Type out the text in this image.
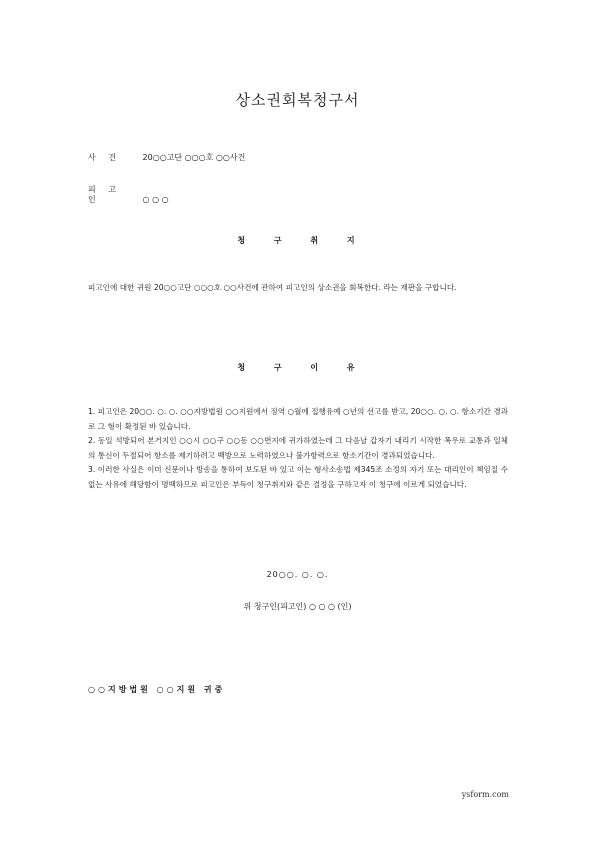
상소권회복청구서
사 건	20○○고단 ○○○호 ○○사건
피 고 인	○ ○ ○
청 구 취 지
피고인에 대한 귀원 20○○고단 ○○○호 ○○사건에 관하여 피고인의 상소권을 회복한다. 라는 재판을 구합니다.
청 구 이 유

1. 피고인은 20○○. ○. ○. ○○지방법원 ○○지원에서 징역 ○월에 집행유예 ○년의 선고를 받고, 20○○. ○. ○. 항소기간 경과로 그 형이 확정된 바 있습니다.

2. 동일 석방되어 본거지인 ○○시 ○○구 ○○동 ○○번지에 귀가하였는데 그 다음날 갑자기 내리기 시작한 폭우로 교통과 일체의 통신이 두절되어 항소를 제기하려고 백방으로 노력하였으나 불가항력으로 항소기간이 경과되었습니다.

3. 이러한 사실은 이미 신문이나 방송을 통하여 보도된 바 있고 이는 형사소송법 제345조 소정의 자기 또는 대리인이 책임질 수 없는 사유에 해당함이 명백하므로 피고인은 부득이 청구취지와 같은 결정을 구하고자 이 청구에 이르게 되었습니다.

20○○. ○. ○.
위 청구인(피고인) ○ ○ ○ (인)
○○지방법원 ○○지원 귀중
ysform.com
